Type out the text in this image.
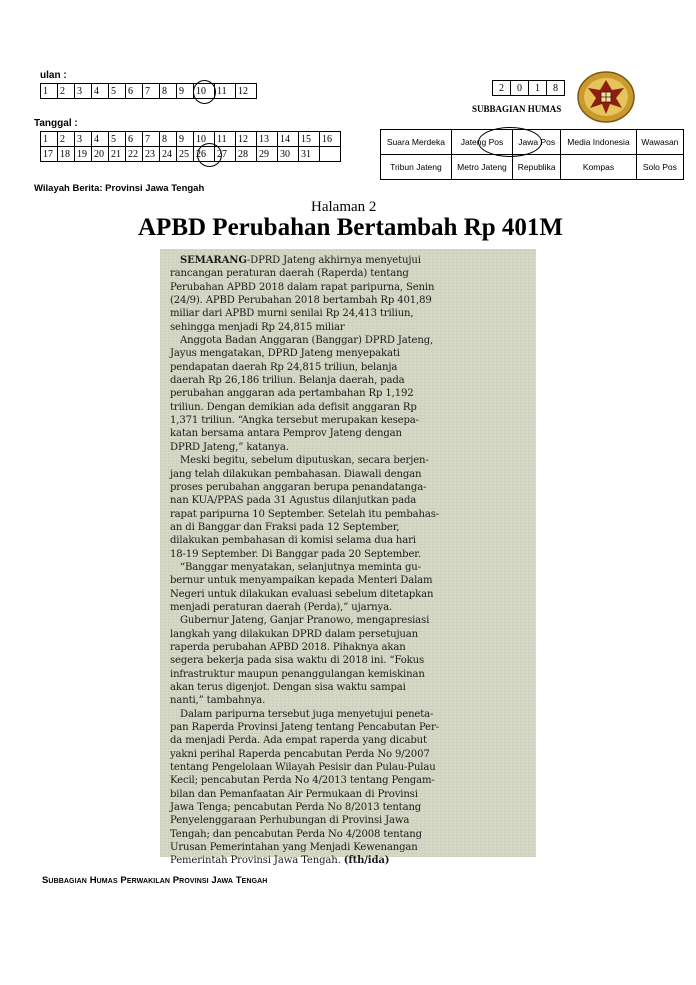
ulan :
1	2	3	4	5	6	7	8	9	10	11	12
Tanggal :
1	2	3	4	5	6	7	8	9	10	11	12	13	14	15	16
17	18	19	20	21	22	23	24	25	26	27	28	29	30	31	
Wilayah Berita: Provinsi Jawa Tengah
2	0	1	8
SUBBAGIAN HUMAS
Suara Merdeka	Jateng Pos	Jawa Pos	Media Indonesia	Wawasan
Tribun Jateng	Metro Jateng	Republika	Kompas	Solo Pos
Halaman 2
APBD Perubahan Bertambah Rp 401M

SEMARANG-DPRD Jateng akhirnya menyetujui

rancangan peraturan daerah (Raperda) tentang

Perubahan APBD 2018 dalam rapat paripurna, Senin

(24/9). APBD Perubahan 2018 bertambah Rp 401,89

miliar dari APBD murni senilai Rp 24,413 triliun,

sehingga menjadi Rp 24,815 miliar

Anggota Badan Anggaran (Banggar) DPRD Jateng,

Jayus mengatakan, DPRD Jateng menyepakati

pendapatan daerah Rp 24,815 triliun, belanja

daerah Rp 26,186 triliun. Belanja daerah, pada

perubahan anggaran ada pertambahan Rp 1,192

triliun. Dengan demikian ada defisit anggaran Rp

1,371 triliun. “Angka tersebut merupakan kesepa-

katan bersama antara Pemprov Jateng dengan

DPRD Jateng,” katanya.

Meski begitu, sebelum diputuskan, secara berjen-

jang telah dilakukan pembahasan. Diawali dengan

proses perubahan anggaran berupa penandatanga-

nan KUA/PPAS pada 31 Agustus dilanjutkan pada

rapat paripurna 10 September. Setelah itu pembahas-

an di Banggar dan Fraksi pada 12 September,

dilakukan pembahasan di komisi selama dua hari

18-19 September. Di Banggar pada 20 September.

“Banggar menyatakan, selanjutnya meminta gu-

bernur untuk menyampaikan kepada Menteri Dalam

Negeri untuk dilakukan evaluasi sebelum ditetapkan

menjadi peraturan daerah (Perda),” ujarnya.

Gubernur Jateng, Ganjar Pranowo, mengapresiasi

langkah yang dilakukan DPRD dalam persetujuan

raperda perubahan APBD 2018. Pihaknya akan

segera bekerja pada sisa waktu di 2018 ini. “Fokus

infrastruktur maupun penanggulangan kemiskinan

akan terus digenjot. Dengan sisa waktu sampai

nanti,” tambahnya.

Dalam paripurna tersebut juga menyetujui peneta-

pan Raperda Provinsi Jateng tentang Pencabutan Per-

da menjadi Perda. Ada empat raperda yang dicabut

yakni perihal Raperda pencabutan Perda No 9/2007

tentang Pengelolaan Wilayah Pesisir dan Pulau-Pulau

Kecil; pencabutan Perda No 4/2013 tentang Pengam-

bilan dan Pemanfaatan Air Permukaan di Provinsi

Jawa Tenga; pencabutan Perda No 8/2013 tentang

Penyelenggaraan Perhubungan di Provinsi Jawa

Tengah; dan pencabutan Perda No 4/2008 tentang

Urusan Pemerintahan yang Menjadi Kewenangan

Pemerintah Provinsi Jawa Tengah. (fth/ida)

Subbagian Humas Perwakilan Provinsi Jawa Tengah
